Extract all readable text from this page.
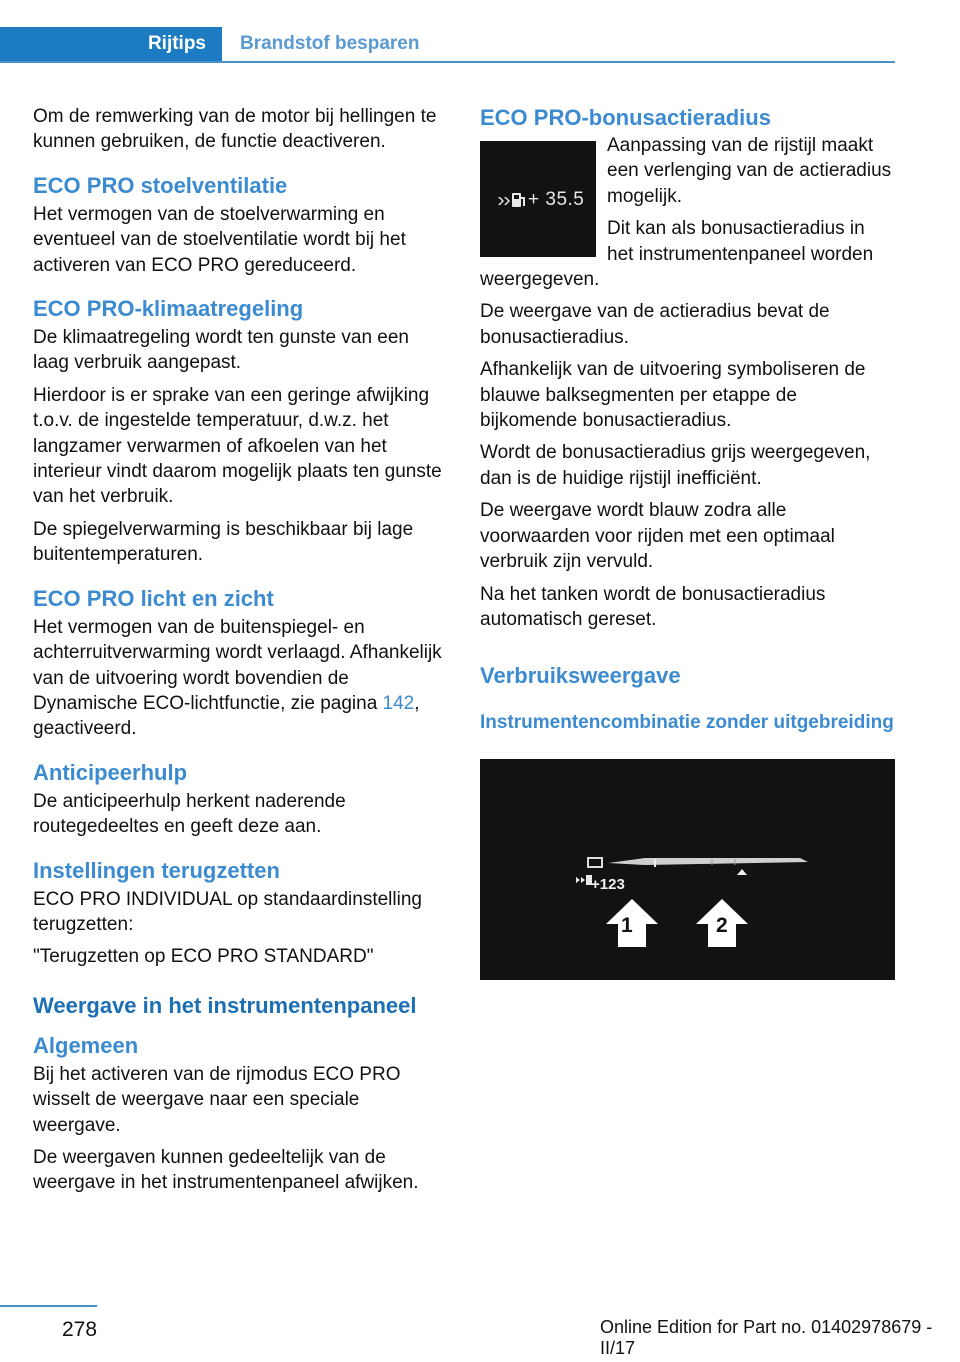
Rijtips	Brandstof besparen

Om de remwerking van de motor bij hellingen te kunnen gebruiken, de functie deactiveren.

ECO PRO stoelventilatie

Het vermogen van de stoelverwarming en eventueel van de stoelventilatie wordt bij het activeren van ECO PRO gereduceerd.

ECO PRO-klimaatregeling

De klimaatregeling wordt ten gunste van een laag verbruik aangepast.

Hierdoor is er sprake van een geringe afwijking t.o.v. de ingestelde temperatuur, d.w.z. het langzamer verwarmen of afkoelen van het interieur vindt daarom mogelijk plaats ten gunste van het verbruik.

De spiegelverwarming is beschikbaar bij lage buitentemperaturen.

ECO PRO licht en zicht

Het vermogen van de buitenspiegel- en achterruitverwarming wordt verlaagd. Afhankelijk van de uitvoering wordt bovendien de Dynamische ECO-lichtfunctie, zie pagina 142, geactiveerd.

Anticipeerhulp

De anticipeerhulp herkent naderende routegedeeltes en geeft deze aan.

Instellingen terugzetten

ECO PRO INDIVIDUAL op standaardinstelling terugzetten:

"Terugzetten op ECO PRO STANDARD"

Weergave in het instrumentenpaneel
Algemeen

Bij het activeren van de rijmodus ECO PRO wisselt de weergave naar een speciale weergave.

De weergaven kunnen gedeeltelijk van de weergave in het instrumentenpaneel afwijken.

ECO PRO-bonusactieradius
+ 35.5

Aanpassing van de rijstijl maakt een verlenging van de actieradius mogelijk.

Dit kan als bonusactieradius in het instrumentenpaneel worden weergegeven.

De weergave van de actieradius bevat de bonusactieradius.

Afhankelijk van de uitvoering symboliseren de blauwe balksegmenten per etappe de bijkomende bonusactieradius.

Wordt de bonusactieradius grijs weergegeven, dan is de huidige rijstijl inefficiënt.

De weergave wordt blauw zodra alle voorwaarden voor rijden met een optimaal verbruik zijn vervuld.

Na het tanken wordt de bonusactieradius automatisch gereset.

Verbruiksweergave
Instrumentencombinatie zonder uitgebreiding
+123
1	2
278	Online Edition for Part no. 01402978679 - II/17
